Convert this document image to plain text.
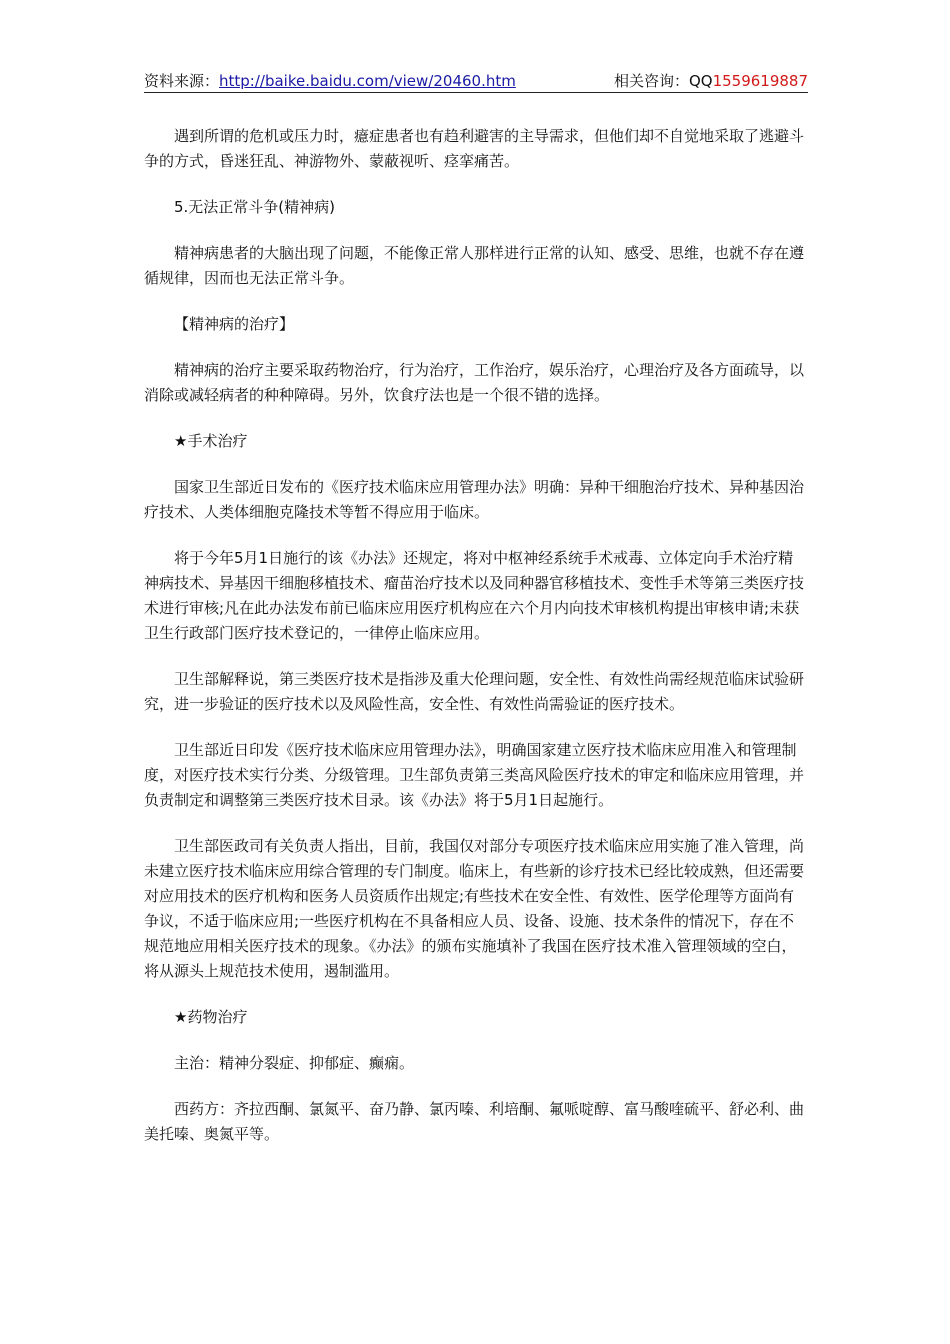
资料来源：http://baike.baidu.com/view/20460.htm	相关咨询：QQ1559619887

遇到所谓的危机或压力时，癔症患者也有趋利避害的主导需求，但他们却不自觉地采取了逃避斗争的方式，昏迷狂乱、神游物外、蒙蔽视听、痉挛痛苦。

5.无法正常斗争(精神病)

精神病患者的大脑出现了问题，不能像正常人那样进行正常的认知、感受、思维，也就不存在遵循规律，因而也无法正常斗争。

【精神病的治疗】

精神病的治疗主要采取药物治疗，行为治疗，工作治疗，娱乐治疗，心理治疗及各方面疏导，以消除或减轻病者的种种障碍。另外，饮食疗法也是一个很不错的选择。

★手术治疗

国家卫生部近日发布的《医疗技术临床应用管理办法》明确：异种干细胞治疗技术、异种基因治疗技术、人类体细胞克隆技术等暂不得应用于临床。

将于今年5月1日施行的该《办法》还规定，将对中枢神经系统手术戒毒、立体定向手术治疗精神病技术、异基因干细胞移植技术、瘤苗治疗技术以及同种器官移植技术、变性手术等第三类医疗技术进行审核;凡在此办法发布前已临床应用医疗机构应在六个月内向技术审核机构提出审核申请;未获卫生行政部门医疗技术登记的，一律停止临床应用。

卫生部解释说，第三类医疗技术是指涉及重大伦理问题，安全性、有效性尚需经规范临床试验研究，进一步验证的医疗技术以及风险性高，安全性、有效性尚需验证的医疗技术。

卫生部近日印发《医疗技术临床应用管理办法》，明确国家建立医疗技术临床应用准入和管理制度，对医疗技术实行分类、分级管理。卫生部负责第三类高风险医疗技术的审定和临床应用管理，并负责制定和调整第三类医疗技术目录。该《办法》将于5月1日起施行。

卫生部医政司有关负责人指出，目前，我国仅对部分专项医疗技术临床应用实施了准入管理，尚未建立医疗技术临床应用综合管理的专门制度。临床上，有些新的诊疗技术已经比较成熟，但还需要对应用技术的医疗机构和医务人员资质作出规定;有些技术在安全性、有效性、医学伦理等方面尚有争议，不适于临床应用;一些医疗机构在不具备相应人员、设备、设施、技术条件的情况下，存在不规范地应用相关医疗技术的现象。《办法》的颁布实施填补了我国在医疗技术准入管理领域的空白，将从源头上规范技术使用，遏制滥用。

★药物治疗

主治：精神分裂症、抑郁症、癫痫。

西药方：齐拉西酮、氯氮平、奋乃静、氯丙嗪、利培酮、氟哌啶醇、富马酸喹硫平、舒必利、曲美托嗪、奥氮平等。
